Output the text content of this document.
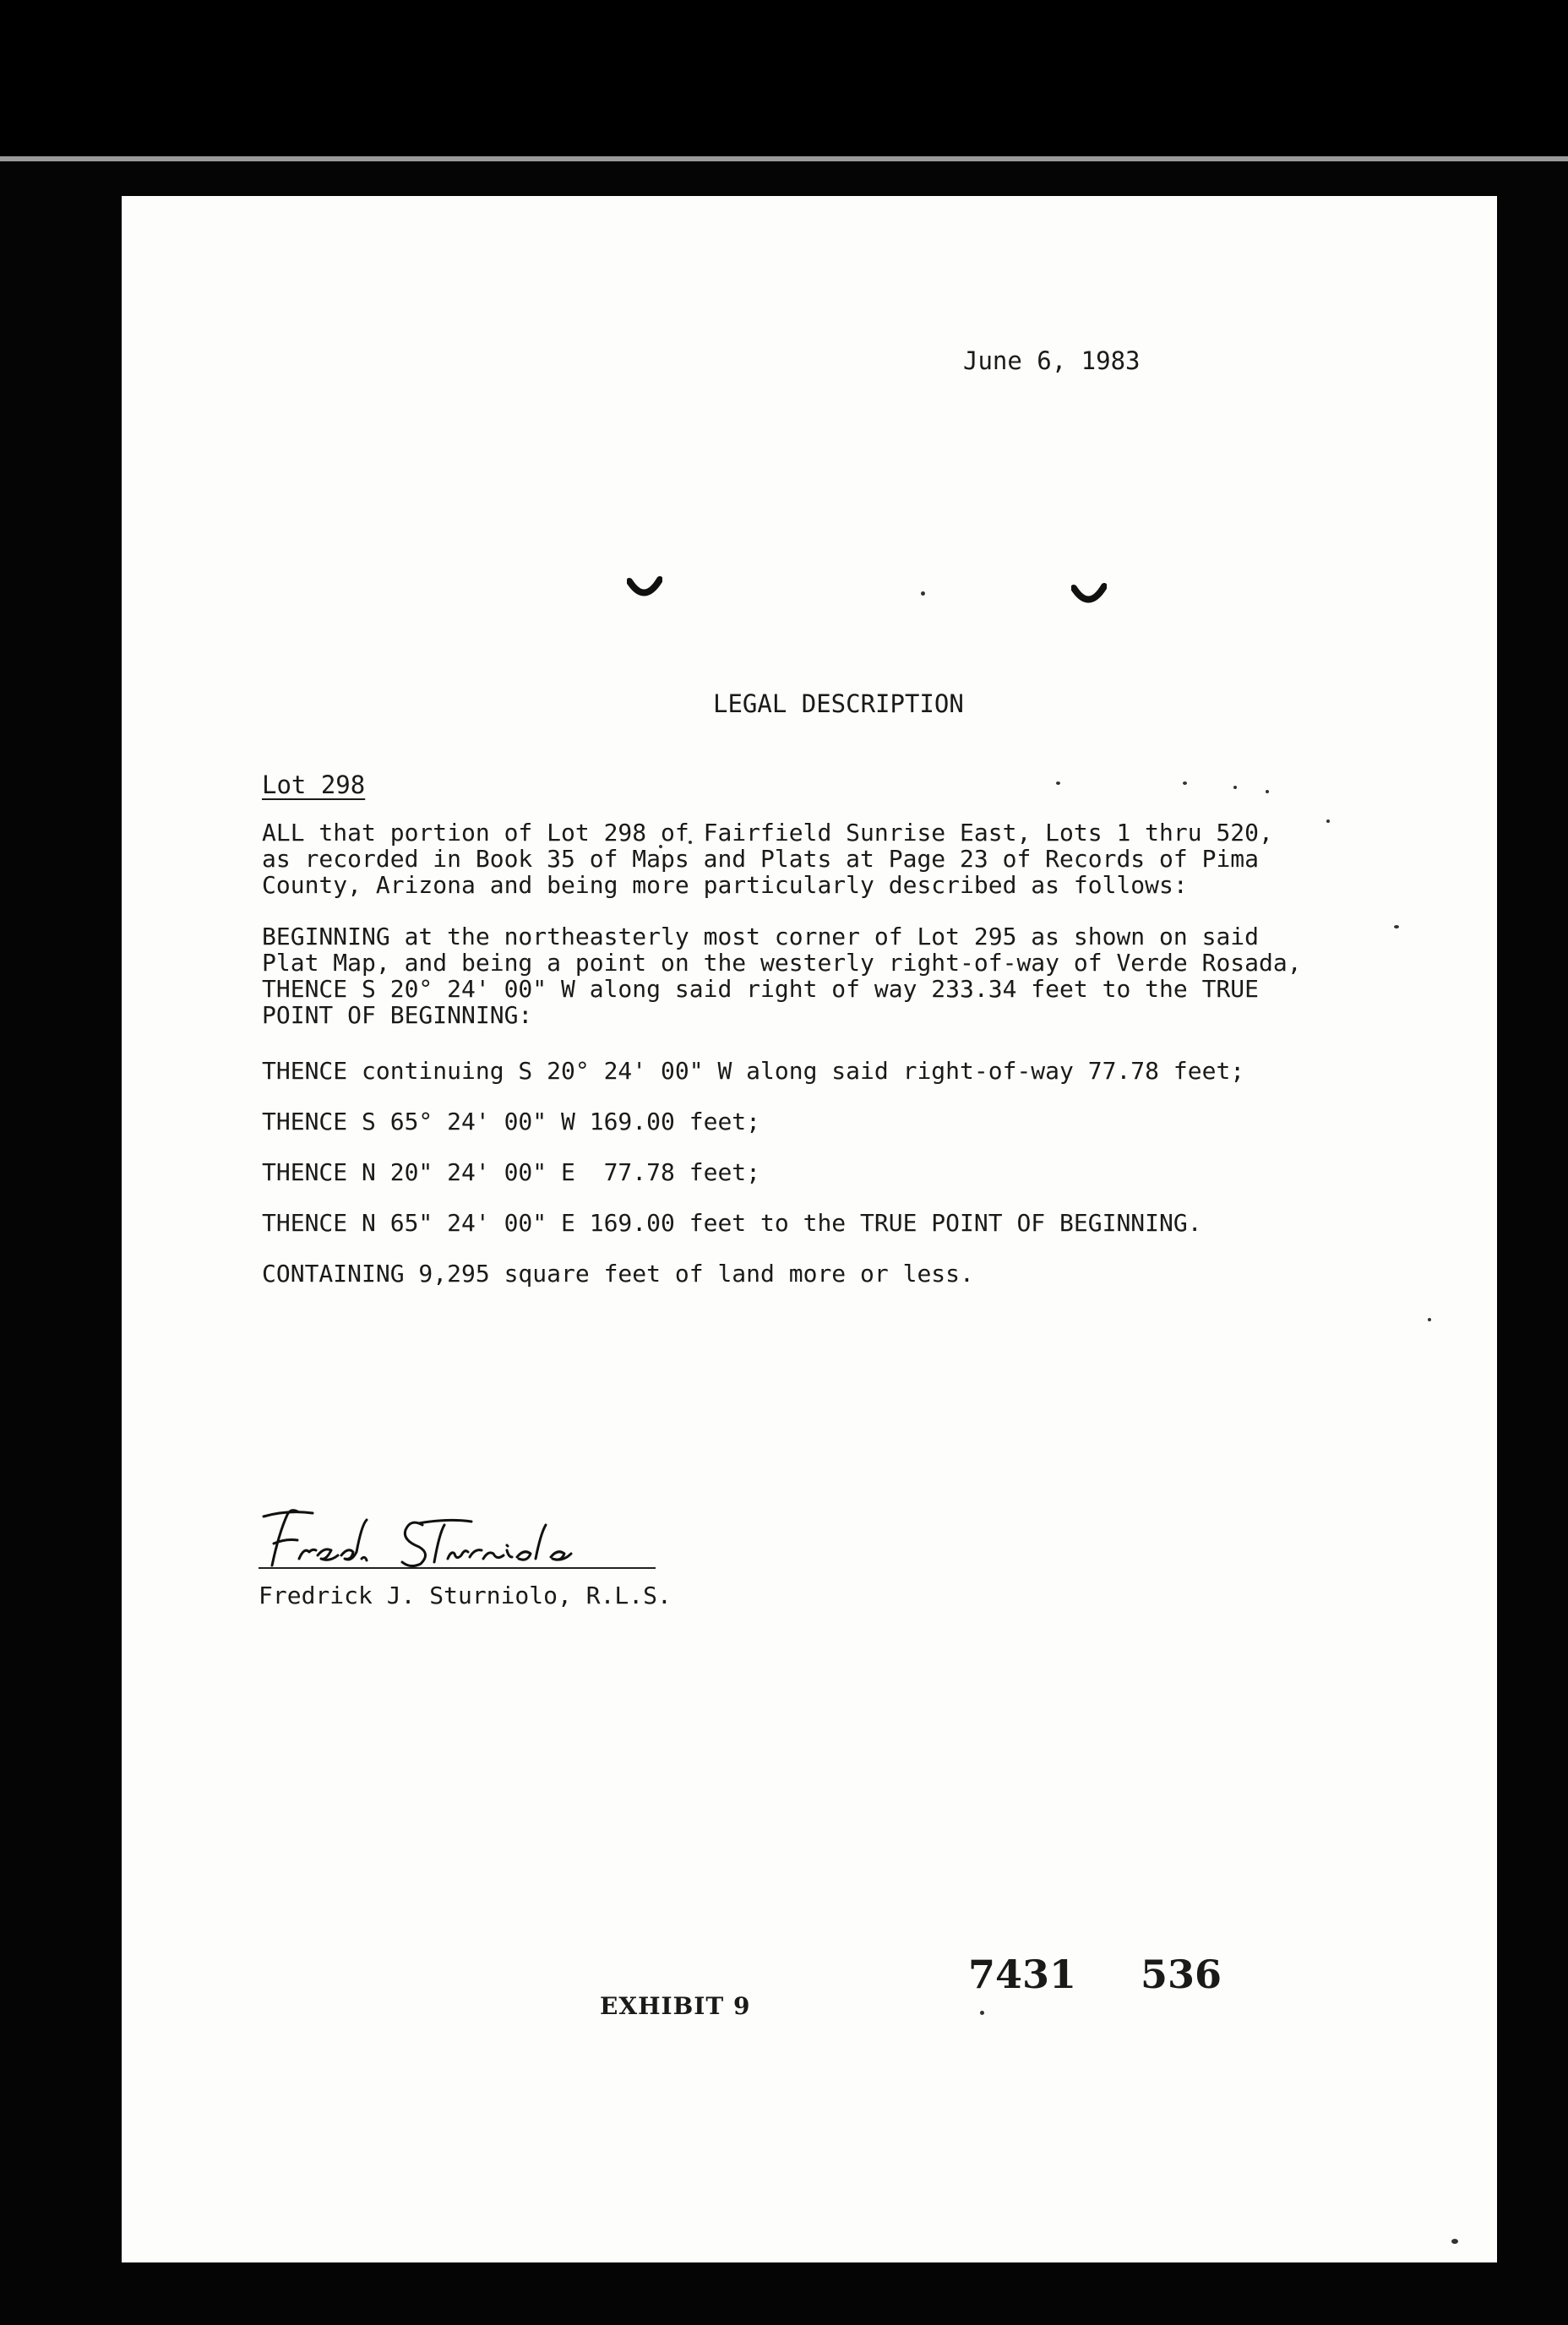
June 6, 1983
LEGAL DESCRIPTION
Lot 298
ALL that portion of Lot 298 of Fairfield Sunrise East, Lots 1 thru 520,
as recorded in Book 35 of Maps and Plats at Page 23 of Records of Pima
County, Arizona and being more particularly described as follows:
BEGINNING at the northeasterly most corner of Lot 295 as shown on said
Plat Map, and being a point on the westerly right-of-way of Verde Rosada,
THENCE S 20° 24' 00" W along said right of way 233.34 feet to the TRUE
POINT OF BEGINNING:
THENCE continuing S 20° 24' 00" W along said right-of-way 77.78 feet;
THENCE S 65° 24' 00" W 169.00 feet;
THENCE N 20" 24' 00" E  77.78 feet;
THENCE N 65" 24' 00" E 169.00 feet to the TRUE POINT OF BEGINNING.
CONTAINING 9,295 square feet of land more or less.
Fredrick J. Sturniolo, R.L.S.
7431 536
EXHIBIT 9
